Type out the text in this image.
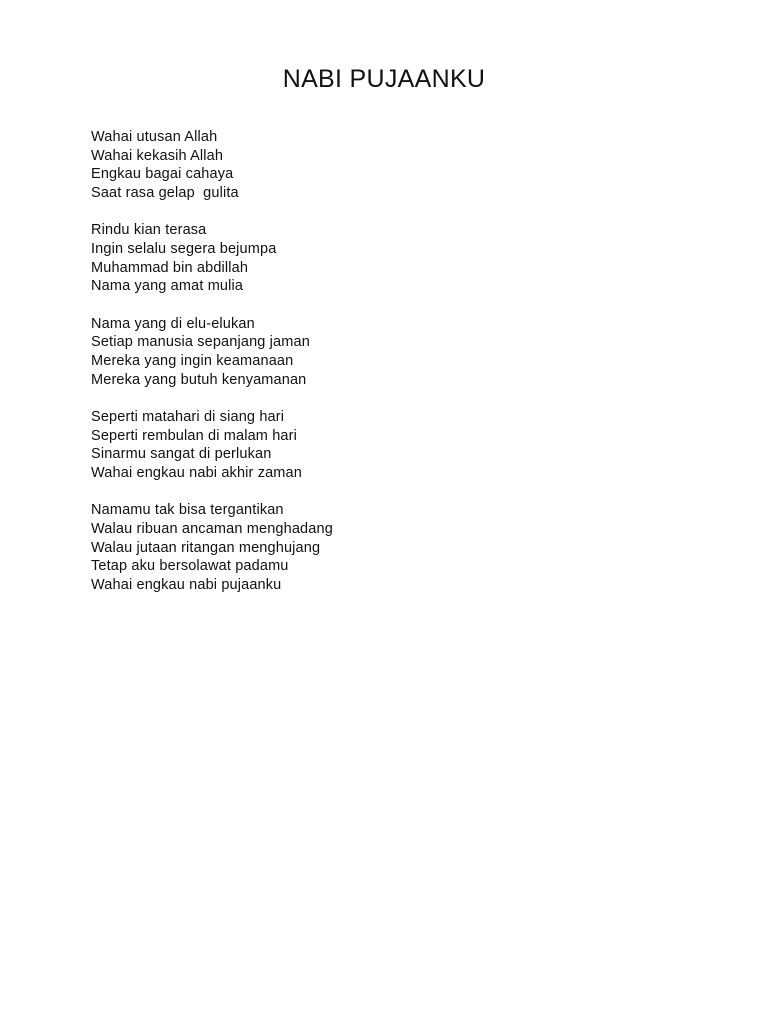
NABI PUJAANKU
Wahai utusan Allah
Wahai kekasih Allah
Engkau bagai cahaya
Saat rasa gelap  gulita
Rindu kian terasa
Ingin selalu segera bejumpa
Muhammad bin abdillah
Nama yang amat mulia
Nama yang di elu-elukan
Setiap manusia sepanjang jaman
Mereka yang ingin keamanaan
Mereka yang butuh kenyamanan
Seperti matahari di siang hari
Seperti rembulan di malam hari
Sinarmu sangat di perlukan
Wahai engkau nabi akhir zaman
Namamu tak bisa tergantikan
Walau ribuan ancaman menghadang
Walau jutaan ritangan menghujang
Tetap aku bersolawat padamu
Wahai engkau nabi pujaanku
